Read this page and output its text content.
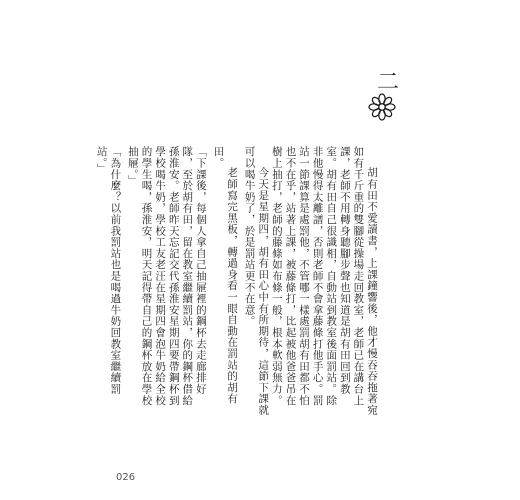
二

胡有田不愛讀書，上課鐘響後，他才慢吞吞拖著宛如有千斤重的雙腳從操場走回教室，老師已在講台上課，老師不用轉身聽腳步聲也知道是胡有田回到教室。胡有田自己很識相，自動站到教室後面罰站。除非他慢得太離譜，否則老師不會拿藤條打他手心。罰站一節課算是處罰他，不管哪一樣處罰胡有田都不怕也不在乎，站著上課，被藤條打，比起被他爸爸吊在樹上抽打，老師的藤條如布條一般，根本軟弱無力。

今天是星期四，胡有田心中有所期待，這節下課就可以喝牛奶了，於是罰站更不在意。

老師寫完黑板，轉過身看一眼自動在罰站的胡有田。

「下課後，每個人拿自己抽屜裡的鋼杯去走廊排好隊，至於胡有田，留在教室繼續罰站，你的鋼杯借給孫淮安。老師昨天忘記交代孫淮安星期四要帶鋼杯到學校喝牛奶，學校工友老汪在星期四會泡牛奶給全校的學生喝，孫淮安，明天記得帶自己的鋼杯放在學校抽屜。」

「為什麼？以前我罰站也是喝過牛奶回教室繼續罰站。」

026
